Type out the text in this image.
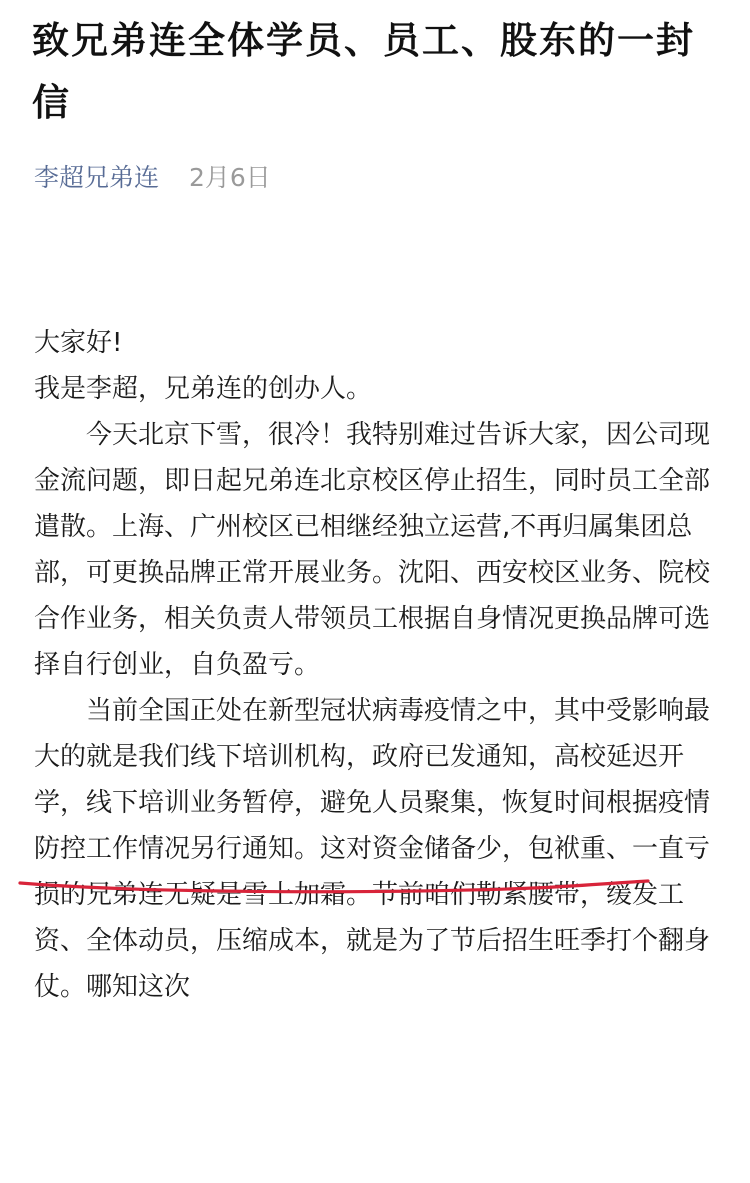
致兄弟连全体学员、员工、股东的一封信
李超兄弟连 2月6日

大家好!

我是李超，兄弟连的创办人。

今天北京下雪，很冷！我特别难过告诉大家，因公司现金流问题，即日起兄弟连北京校区停止招生，同时员工全部遣散。上海、广州校区已相继经独立运营,不再归属集团总部，可更换品牌正常开展业务。沈阳、西安校区业务、院校合作业务，相关负责人带领员工根据自身情况更换品牌可选择自行创业，自负盈亏。

当前全国正处在新型冠状病毒疫情之中，其中受影响最大的就是我们线下培训机构，政府已发通知，高校延迟开学，线下培训业务暂停，避免人员聚集，恢复时间根据疫情防控工作情况另行通知。这对资金储备少，包袱重、一直亏损的兄弟连无疑是雪上加霜。节前咱们勒紧腰带，缓发工资、全体动员，压缩成本，就是为了节后招生旺季打个翻身仗。哪知这次
